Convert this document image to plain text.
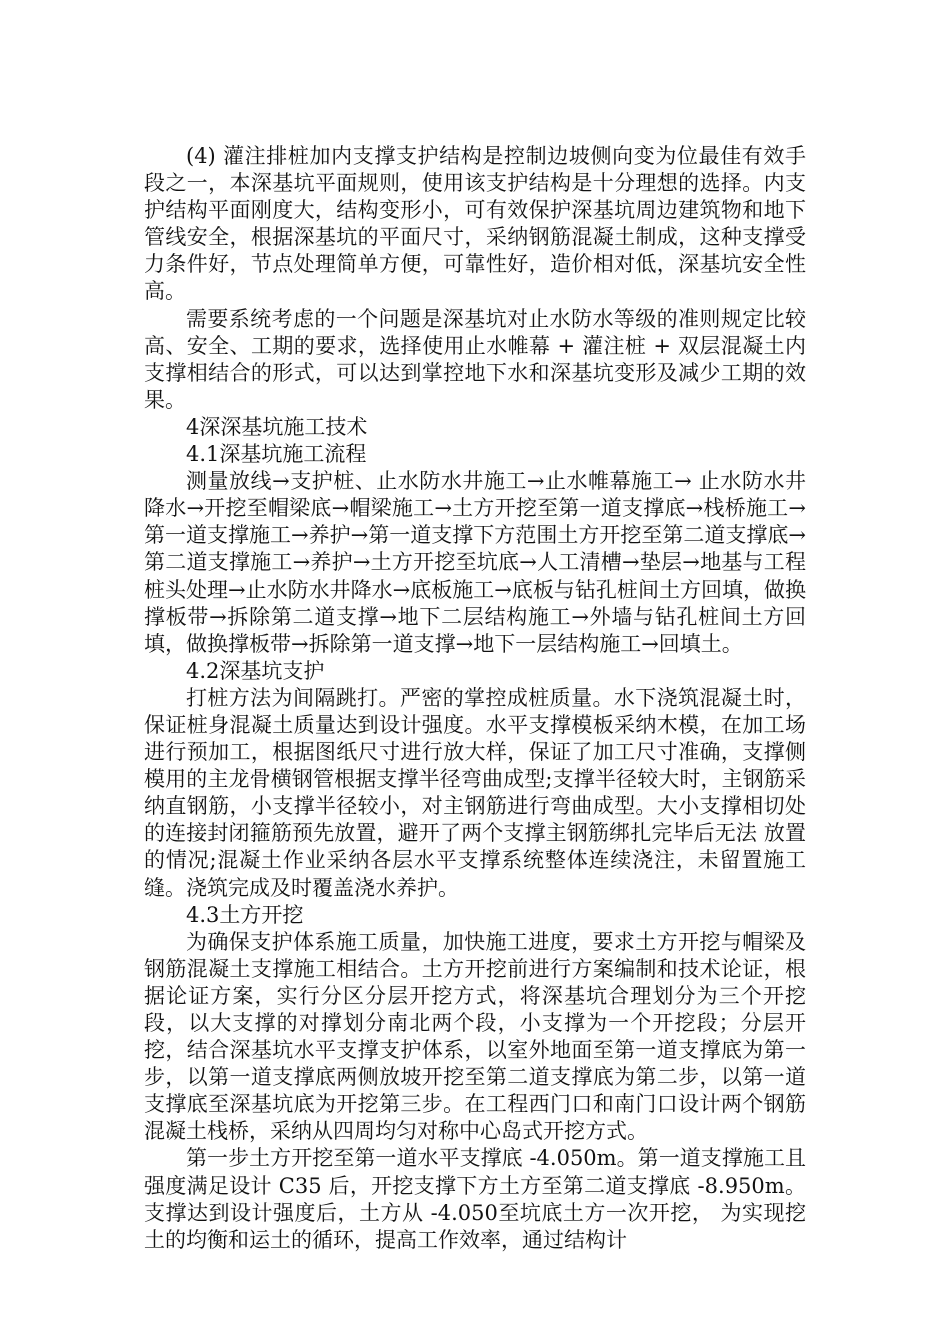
(4) 灌注排桩加内支撑支护结构是控制边坡侧向变为位最佳有效手段之一，本深基坑平面规则，使用该支护结构是十分理想的选择。内支护结构平面刚度大，结构变形小，可有效保护深基坑周边建筑物和地下管线安全，根据深基坑的平面尺寸，采纳钢筋混凝土制成，这种支撑受力条件好，节点处理简单方便，可靠性好，造价相对低，深基坑安全性高。

需要系统考虑的一个问题是深基坑对止水防水等级的准则规定比较高、安全、工期的要求，选择使用止水帷幕 + 灌注桩 + 双层混凝土内支撑相结合的形式，可以达到掌控地下水和深基坑变形及减少工期的效果。

4深深基坑施工技术
4.1深基坑施工流程

测量放线→支护桩、止水防水井施工→止水帷幕施工→ 止水防水井降水→开挖至帽梁底→帽梁施工→土方开挖至第一道支撑底→栈桥施工→第一道支撑施工→养护→第一道支撑下方范围土方开挖至第二道支撑底→第二道支撑施工→养护→土方开挖至坑底→人工清槽→垫层→地基与工程桩头处理→止水防水井降水→底板施工→底板与钻孔桩间土方回填，做换撑板带→拆除第二道支撑→地下二层结构施工→外墙与钻孔桩间土方回填，做换撑板带→拆除第一道支撑→地下一层结构施工→回填土。

4.2深基坑支护

打桩方法为间隔跳打。严密的掌控成桩质量。水下浇筑混凝土时，保证桩身混凝土质量达到设计强度。水平支撑模板采纳木模，在加工场进行预加工，根据图纸尺寸进行放大样，保证了加工尺寸准确，支撑侧模用的主龙骨横钢管根据支撑半径弯曲成型;支撑半径较大时，主钢筋采纳直钢筋，小支撑半径较小，对主钢筋进行弯曲成型。大小支撑相切处的连接封闭箍筋预先放置，避开了两个支撑主钢筋绑扎完毕后无法 放置的情况;混凝土作业采纳各层水平支撑系统整体连续浇注，未留置施工缝。浇筑完成及时覆盖浇水养护。

4.3土方开挖

为确保支护体系施工质量，加快施工进度，要求土方开挖与帽梁及钢筋混凝土支撑施工相结合。土方开挖前进行方案编制和技术论证，根据论证方案，实行分区分层开挖方式，将深基坑合理划分为三个开挖段，以大支撑的对撑划分南北两个段，小支撑为一个开挖段；分层开挖，结合深基坑水平支撑支护体系，以室外地面至第一道支撑底为第一步，以第一道支撑底两侧放坡开挖至第二道支撑底为第二步，以第一道支撑底至深基坑底为开挖第三步。在工程西门口和南门口设计两个钢筋混凝土栈桥，采纳从四周均匀对称中心岛式开挖方式。

第一步土方开挖至第一道水平支撑底 -4.050m。第一道支撑施工且强度满足设计 C35 后，开挖支撑下方土方至第二道支撑底 -8.950m。支撑达到设计强度后，土方从 -4.050至坑底土方一次开挖， 为实现挖土的均衡和运土的循环，提高工作效率，通过结构计
